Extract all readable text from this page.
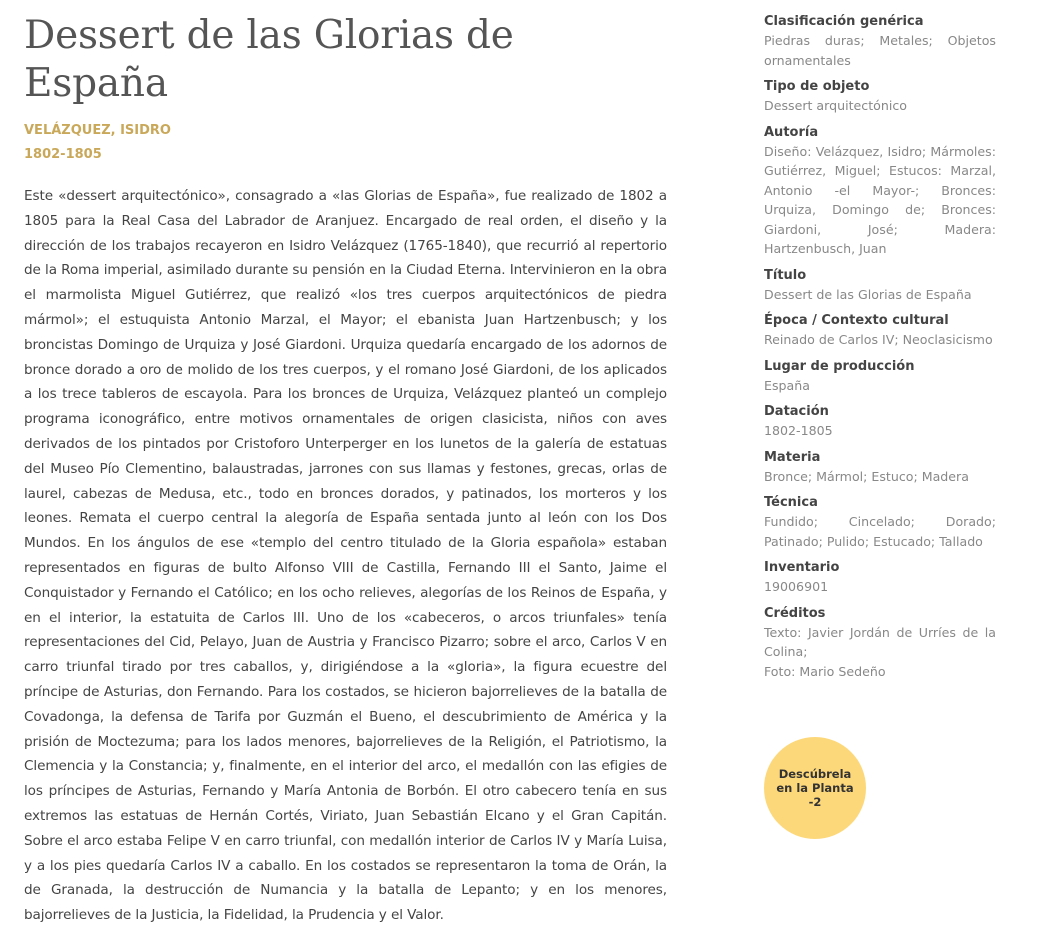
Dessert de las Glorias de España
VELÁZQUEZ, ISIDRO
1802-1805
Este «dessert arquitectónico», consagrado a «las Glorias de España», fue realizado de 1802 a 1805 para la Real Casa del Labrador de Aranjuez. Encargado de real orden, el diseño y la dirección de los trabajos recayeron en Isidro Velázquez (1765-1840), que recurrió al repertorio de la Roma imperial, asimilado durante su pensión en la Ciudad Eterna. Intervinieron en la obra el marmolista Miguel Gutiérrez, que realizó «los tres cuerpos arquitectónicos de piedra mármol»; el estuquista Antonio Marzal, el Mayor; el ebanista Juan Hartzenbusch; y los broncistas Domingo de Urquiza y José Giardoni. Urquiza quedaría encargado de los adornos de bronce dorado a oro de molido de los tres cuerpos, y el romano José Giardoni, de los aplicados a los trece tableros de escayola. Para los bronces de Urquiza, Velázquez planteó un complejo programa iconográfico, entre motivos ornamentales de origen clasicista, niños con aves derivados de los pintados por Cristoforo Unterperger en los lunetos de la galería de estatuas del Museo Pío Clementino, balaustradas, jarrones con sus llamas y festones, grecas, orlas de laurel, cabezas de Medusa, etc., todo en bronces dorados, y patinados, los morteros y los leones. Remata el cuerpo central la alegoría de España sentada junto al león con los Dos Mundos. En los ángulos de ese «templo del centro titulado de la Gloria española» estaban representados en figuras de bulto Alfonso VIII de Castilla, Fernando III el Santo, Jaime el Conquistador y Fernando el Católico; en los ocho relieves, alegorías de los Reinos de España, y en el interior, la estatuita de Carlos III. Uno de los «cabeceros, o arcos triunfales» tenía representaciones del Cid, Pelayo, Juan de Austria y Francisco Pizarro; sobre el arco, Carlos V en carro triunfal tirado por tres caballos, y, dirigiéndose a la «gloria», la figura ecuestre del príncipe de Asturias, don Fernando. Para los costados, se hicieron bajorrelieves de la batalla de Covadonga, la defensa de Tarifa por Guzmán el Bueno, el descubrimiento de América y la prisión de Moctezuma; para los lados menores, bajorrelieves de la Religión, el Patriotismo, la Clemencia y la Constancia; y, finalmente, en el interior del arco, el medallón con las efigies de los príncipes de Asturias, Fernando y María Antonia de Borbón. El otro cabecero tenía en sus extremos las estatuas de Hernán Cortés, Viriato, Juan Sebastián Elcano y el Gran Capitán. Sobre el arco estaba Felipe V en carro triunfal, con medallón interior de Carlos IV y María Luisa, y a los pies quedaría Carlos IV a caballo. En los costados se representaron la toma de Orán, la de Granada, la destrucción de Numancia y la batalla de Lepanto; y en los menores, bajorrelieves de la Justicia, la Fidelidad, la Prudencia y el Valor.
Clasificación genérica
Piedras duras; Metales; Objetos ornamentales
Tipo de objeto
Dessert arquitectónico
Autoría
Diseño: Velázquez, Isidro; Mármoles: Gutiérrez, Miguel; Estucos: Marzal, Antonio -el Mayor-; Bronces: Urquiza, Domingo de; Bronces: Giardoni, José; Madera: Hartzenbusch, Juan
Título
Dessert de las Glorias de España
Época / Contexto cultural
Reinado de Carlos IV; Neoclasicismo
Lugar de producción
España
Datación
1802-1805
Materia
Bronce; Mármol; Estuco; Madera
Técnica
Fundido; Cincelado; Dorado; Patinado; Pulido; Estucado; Tallado
Inventario
19006901
Créditos
Texto: Javier Jordán de Urríes de la Colina;
Foto: Mario Sedeño
Descúbrela en la Planta -2
